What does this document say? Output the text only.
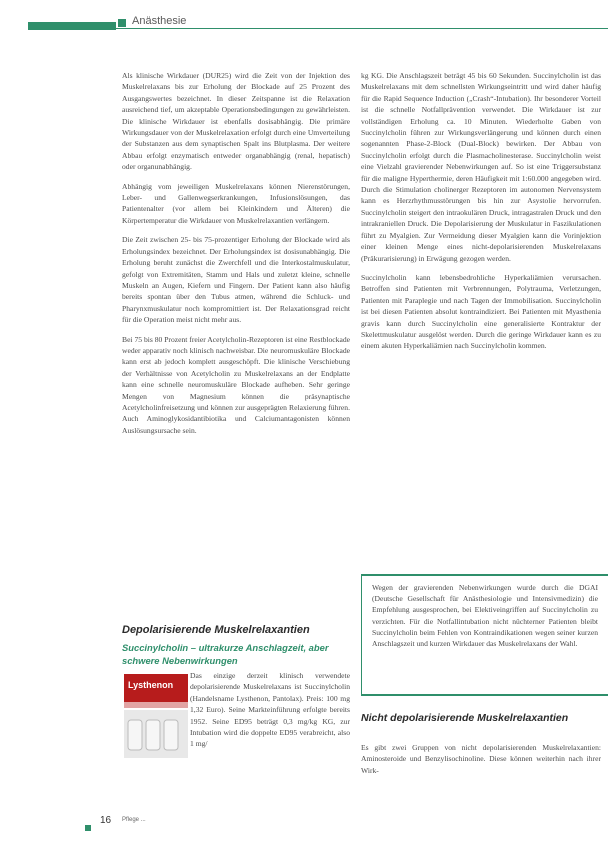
Anästhesie

Als klinische Wirkdauer (DUR25) wird die Zeit von der Injektion des Muskelrelaxans bis zur Erholung der Blockade auf 25 Prozent des Ausgangswertes bezeichnet. In dieser Zeitspanne ist die Relaxation ausreichend tief, um akzeptable Operationsbedingungen zu gewährleisten. Die klinische Wirkdauer ist ebenfalls dosisabhängig. Die primäre Wirkungsdauer von der Muskelrelaxation erfolgt durch eine Umverteilung der Substanzen aus dem synaptischen Spalt ins Blutplasma. Der weitere Abbau erfolgt enzymatisch entweder organabhängig (renal, hepatisch) oder organunabhängig.

Abhängig vom jeweiligen Muskelrelaxans können Nierenstörungen, Leber- und Gallenwegserkrankungen, Infusionslösungen, das Patientenalter (vor allem bei Kleinkindern und Älteren) die Körpertemperatur die Wirkdauer von Muskelrelaxantien verlängern.

Die Zeit zwischen 25- bis 75-prozentiger Erholung der Blockade wird als Erholungsindex bezeichnet. Der Erholungsindex ist dosisunabhängig. Die Erholung beruht zunächst die Zwerchfell und die Interkostalmuskulatur, gefolgt von Extremitäten, Stamm und Hals und zuletzt kleine, schnelle Muskeln an Augen, Kiefern und Fingern. Der Patient kann also häufig bereits spontan über den Tubus atmen, während die Schluck- und Pharynxmuskulatur noch kompromittiert ist. Der Relaxationsgrad reicht für die Operation meist nicht mehr aus.

Bei 75 bis 80 Prozent freier Acetylcholin-Rezeptoren ist eine Restblockade weder apparativ noch klinisch nachweisbar. Die neuromuskuläre Blockade kann erst ab jedoch komplett ausgeschöpft. Die klinische Verschiebung der Verhältnisse von Acetylcholin zu Muskelrelaxans an der Endplatte kann eine schnelle neuromuskuläre Blockade aufheben. Sehr geringe Mengen von Magnesium können die präsynaptische Acetylcholinfreisetzung und können zur ausgeprägten Relaxierung führen. Auch Aminoglykosidantibiotika und Calciumantagonisten können Auslösungsursache sein.

Depolarisierende Muskelrelaxantien
Succinylcholin – ultrakurze Anschlagzeit, aber schwere Nebenwirkungen
Lysthenon

Das einzige derzeit klinisch verwendete depolarisierende Muskelrelaxans ist Succinylcholin (Handelsname Lysthenon, Pantolax). Preis: 100 mg 1,32 Euro). Seine Markteinführung erfolgte bereits 1952. Seine ED95 beträgt 0,3 mg/kg KG, zur Intubation wird die doppelte ED95 verabreicht, also 1 mg/

kg KG. Die Anschlagszeit beträgt 45 bis 60 Sekunden. Succinylcholin ist das Muskelrelaxans mit dem schnellsten Wirkungseintritt und wird daher häufig für die Rapid Sequence Induction („Crash“-Intubation). Ihr besonderer Vorteil ist die schnelle Notfallprävention verwendet. Die Wirkdauer ist zur vollständigen Erholung ca. 10 Minuten. Wiederholte Gaben von Succinylcholin führen zur Wirkungsverlängerung und können durch einen sogenannten Phase-2-Block (Dual-Block) bewirken. Der Abbau von Succinylcholin erfolgt durch die Plasmacholinesterase. Succinylcholin weist eine Vielzahl gravierender Nebenwirkungen auf. So ist eine Triggersubstanz für die maligne Hyperthermie, deren Häufigkeit mit 1:60.000 angegeben wird. Durch die Stimulation cholinerger Rezeptoren im autonomen Nervensystem kann es Herzrhythmusstörungen bis hin zur Asystolie hervorrufen. Succinylcholin steigert den intraokulären Druck, intragastralen Druck und den intrakraniellen Druck. Die Depolarisierung der Muskulatur in Faszikulationen führt zu Myalgien. Zur Vermeidung dieser Myalgien kann die Vorinjektion einer kleinen Menge eines nicht-depolarisierenden Muskelrelaxans (Präkurarisierung) in Erwägung gezogen werden.

Succinylcholin kann lebensbedrohliche Hyperkaliämien verursachen. Betroffen sind Patienten mit Verbrennungen, Polytrauma, Verletzungen, Patienten mit Paraplegie und nach Tagen der Immobilisation. Succinylcholin ist bei diesen Patienten absolut kontraindiziert. Bei Patienten mit Myasthenia gravis kann durch Succinylcholin eine generalisierte Kontraktur der Skelettmuskulatur ausgelöst werden. Durch die geringe Wirkdauer kann es zu einem akuten Hyperkaliämien nach Succinylcholin kommen.

Wegen der gravierenden Nebenwirkungen wurde durch die DGAI (Deutsche Gesellschaft für Anästhesiologie und Intensivmedizin) die Empfehlung ausgesprochen, bei Elektiveingriffen auf Succinylcholin zu verzichten. Für die Notfallintubation nicht nüchterner Patienten bleibt Succinylcholin beim Fehlen von Kontraindikationen wegen seiner kurzen Anschlagszeit und kurzen Wirkdauer das Muskelrelaxans der Wahl.
Nicht depolarisierende Muskelrelaxantien

Es gibt zwei Gruppen von nicht depolarisierenden Muskelrelaxantien: Aminosteroide und Benzylisochinoline. Diese können weiterhin nach ihrer Wirk-

16 Pflege ...
